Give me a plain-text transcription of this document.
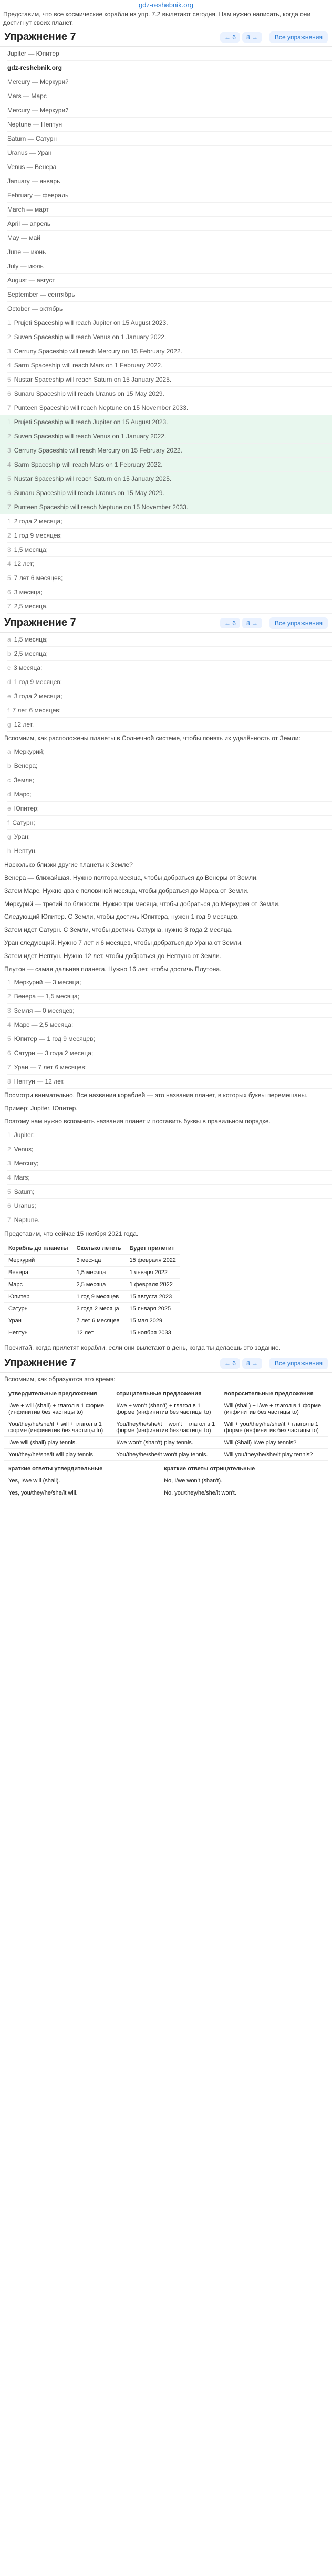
gdz-reshebnik.org
Представим, что все космические корабли из упр. 7.2 вылетают сегодня. Нам нужно написать, когда они достигнут своих планет.
Упражнение 7	← 6	8 →	Все упражнения
Jupiter — Юпитер
gdz-reshebnik.org
Mercury — Меркурий
Mars — Марс
Mercury — Меркурий
Neptune — Нептун
Saturn — Сатурн
Uranus — Уран
Venus — Венера
January — январь
February — февраль
March — март
April — апрель
May — май
June — июнь
July — июль
August — август
September — сентябрь
October — октябрь
1 Prujeti Spaceship will reach Jupiter on 15 August 2023.
2 Suven Spaceship will reach Venus on 1 January 2022.
3 Cerruny Spaceship will reach Mercury on 15 February 2022.
4 Sarm Spaceship will reach Mars on 1 February 2022.
5 Nustar Spaceship will reach Saturn on 15 January 2025.
6 Sunaru Spaceship will reach Uranus on 15 May 2029.
7 Punteen Spaceship will reach Neptune on 15 November 2033.
1 Prujeti Spaceship will reach Jupiter on 15 August 2023.
2 Suven Spaceship will reach Venus on 1 January 2022.
3 Cerruny Spaceship will reach Mercury on 15 February 2022.
4 Sarm Spaceship will reach Mars on 1 February 2022.
5 Nustar Spaceship will reach Saturn on 15 January 2025.
6 Sunaru Spaceship will reach Uranus on 15 May 2029.
7 Punteen Spaceship will reach Neptune on 15 November 2033.
1 2 года 2 месяца;
2 1 год 9 месяцев;
3 1,5 месяца;
4 12 лет;
5 7 лет 6 месяцев;
6 3 месяца;
7 2,5 месяца.
Упражнение 7	← 6	8 →	Все упражнения
a 1,5 месяца;
b 2,5 месяца;
c 3 месяца;
d 1 год 9 месяцев;
e 3 года 2 месяца;
f 7 лет 6 месяцев;
g 12 лет.
Вспомним, как расположены планеты в Солнечной системе, чтобы понять их удалённость от Земли:
a Меркурий;
b Венера;
c Земля;
d Марс;
e Юпитер;
f Сатурн;
g Уран;
h Нептун.
Насколько близки другие планеты к Земле?
Венера — ближайшая. Нужно полтора месяца, чтобы добраться до Венеры от Земли.
Затем Марс. Нужно два с половиной месяца, чтобы добраться до Марса от Земли.
Меркурий — третий по близости. Нужно три месяца, чтобы добраться до Меркурия от Земли.
Следующий Юпитер. С Земли, чтобы достичь Юпитера, нужен 1 год 9 месяцев.
Затем идет Сатурн. С Земли, чтобы достичь Сатурна, нужно 3 года 2 месяца.
Уран следующий. Нужно 7 лет и 6 месяцев, чтобы добраться до Урана от Земли.
Затем идет Нептун. Нужно 12 лет, чтобы добраться до Нептуна от Земли.
Плутон — самая дальняя планета. Нужно 16 лет, чтобы достичь Плутона.
1 Меркурий — 3 месяца;
2 Венера — 1,5 месяца;
3 Земля — 0 месяцев;
4 Марс — 2,5 месяца;
5 Юпитер — 1 год 9 месяцев;
6 Сатурн — 3 года 2 месяца;
7 Уран — 7 лет 6 месяцев;
8 Нептун — 12 лет.
Посмотри внимательно. Все названия кораблей — это названия планет, в которых буквы перемешаны.
Пример: Jupiter. Юпитер.
Поэтому нам нужно вспомнить названия планет и поставить буквы в правильном порядке.
1 Jupiter;
2 Venus;
3 Mercury;
4 Mars;
5 Saturn;
6 Uranus;
7 Neptune.
Представим, что сейчас 15 ноября 2021 года.
Корабль до планеты	Сколько лететь	Будет прилетит
Меркурий	3 месяца	15 февраля 2022
Венера	1,5 месяца	1 января 2022
Марс	2,5 месяца	1 февраля 2022
Юпитер	1 год 9 месяцев	15 августа 2023
Сатурн	3 года 2 месяца	15 января 2025
Уран	7 лет 6 месяцев	15 мая 2029
Нептун	12 лет	15 ноября 2033
Посчитай, когда прилетят корабли, если они вылетают в день, когда ты делаешь это задание.
Упражнение 7	← 6	8 →	Все упражнения
Вспомним, как образуются это время:
утвердительные предложения	отрицательные предложения	вопросительные предложения
I/we + will (shall) + глагол в 1 форме (инфинитив без частицы to)	I/we + won't (shan't) + глагол в 1 форме (инфинитив без частицы to)	Will (shall) + I/we + глагол в 1 форме (инфинитив без частицы to)
You/they/he/she/it + will + глагол в 1 форме (инфинитив без частицы to)	You/they/he/she/it + won't + глагол в 1 форме (инфинитив без частицы to)	Will + you/they/he/she/it + глагол в 1 форме (инфинитив без частицы to)
I/we will (shall) play tennis.	I/we won't (shan't) play tennis.	Will (Shall) I/we play tennis?
You/they/he/she/it will play tennis.	You/they/he/she/it won't play tennis.	Will you/they/he/she/it play tennis?
краткие ответы утвердительные	краткие ответы отрицательные
Yes, I/we will (shall).	No, I/we won't (shan't).
Yes, you/they/he/she/it will.	No, you/they/he/she/it won't.
